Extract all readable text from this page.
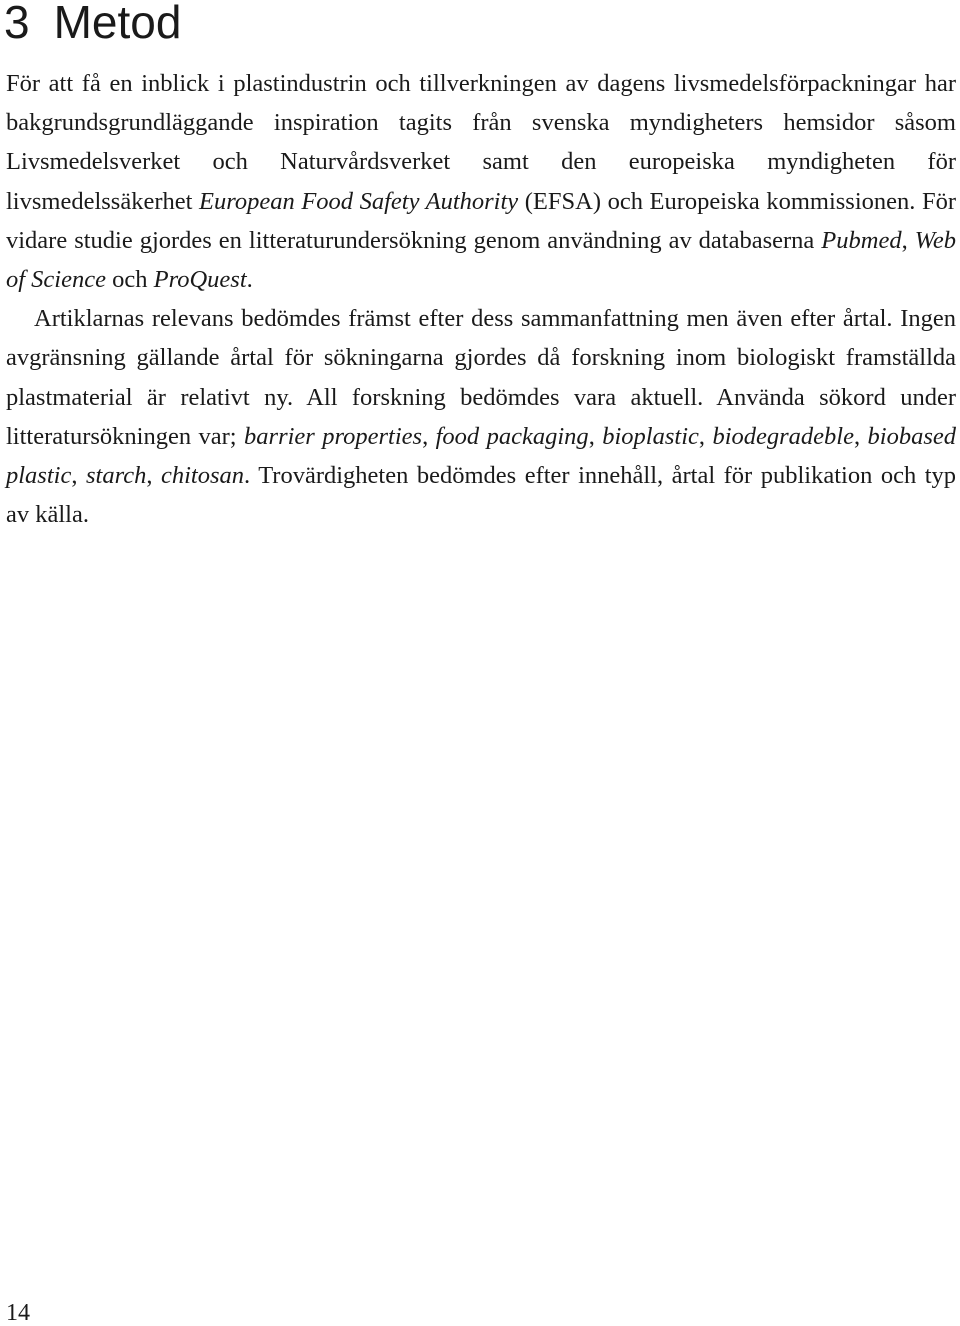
3 Metod

För att få en inblick i plastindustrin och tillverkningen av dagens livsmedelsförpackningar har bakgrundsgrundläggande inspiration tagits från svenska myndigheters hemsidor såsom Livsmedelsverket och Naturvårdsverket samt den europeiska myndigheten för livsmedelssäkerhet European Food Safety Authority (EFSA) och Europeiska kommissionen. För vidare studie gjordes en litteraturundersökning genom användning av databaserna Pubmed, Web of Science och ProQuest.

Artiklarnas relevans bedömdes främst efter dess sammanfattning men även efter årtal. Ingen avgränsning gällande årtal för sökningarna gjordes då forskning inom biologiskt framställda plastmaterial är relativt ny. All forskning bedömdes vara aktuell. Använda sökord under litteratursökningen var; barrier properties, food packaging, bioplastic, biodegradeble, biobased plastic, starch, chitosan. Trovärdigheten bedömdes efter innehåll, årtal för publikation och typ av källa.

14
